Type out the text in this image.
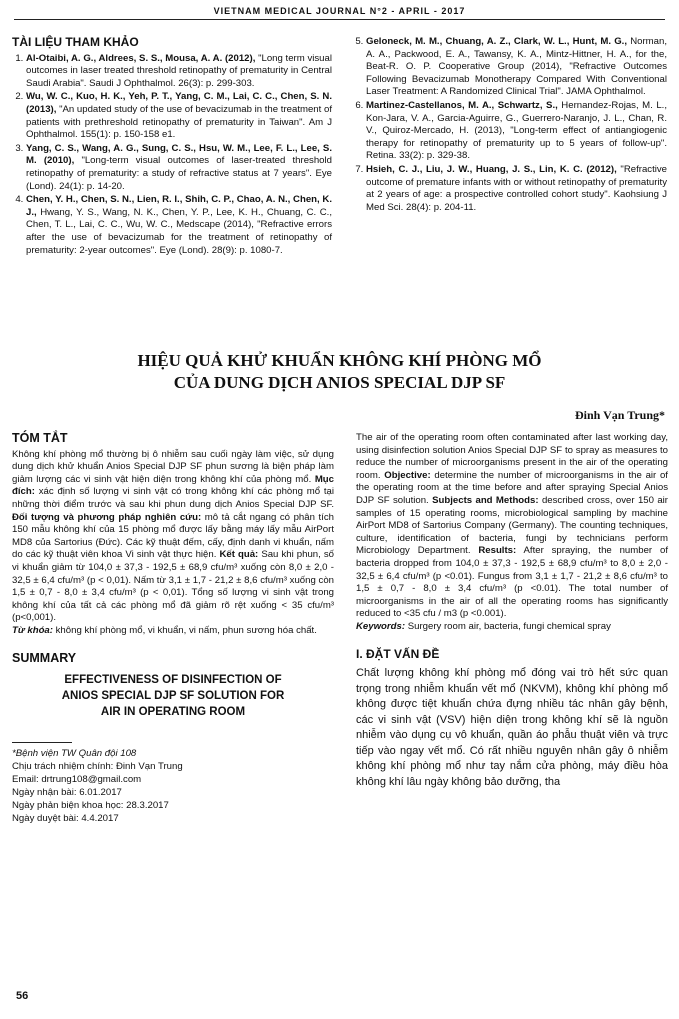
VIETNAM MEDICAL JOURNAL N°2 - APRIL - 2017
TÀI LIỆU THAM KHẢO
1. Al-Otaibi, A. G., Aldrees, S. S., Mousa, A. A. (2012), "Long term visual outcomes in laser treated threshold retinopathy of prematurity in Central Saudi Arabia". Saudi J Ophthalmol. 26(3): p. 299-303.
2. Wu, W. C., Kuo, H. K., Yeh, P. T., Yang, C. M., Lai, C. C., Chen, S. N. (2013), "An updated study of the use of bevacizumab in the treatment of patients with prethreshold retinopathy of prematurity in Taiwan". Am J Ophthalmol. 155(1): p. 150-158 e1.
3. Yang, C. S., Wang, A. G., Sung, C. S., Hsu, W. M., Lee, F. L., Lee, S. M. (2010), "Long-term visual outcomes of laser-treated threshold retinopathy of prematurity: a study of refractive status at 7 years". Eye (Lond). 24(1): p. 14-20.
4. Chen, Y. H., Chen, S. N., Lien, R. I., Shih, C. P., Chao, A. N., Chen, K. J., Hwang, Y. S., Wang, N. K., Chen, Y. P., Lee, K. H., Chuang, C. C., Chen, T. L., Lai, C. C., Wu, W. C., Medscape (2014), "Refractive errors after the use of bevacizumab for the treatment of retinopathy of prematurity: 2-year outcomes". Eye (Lond). 28(9): p. 1080-7.
5. Geloneck, M. M., Chuang, A. Z., Clark, W. L., Hunt, M. G., Norman, A. A., Packwood, E. A., Tawansy, K. A., Mintz-Hittner, H. A., for the, Beat-R. O. P. Cooperative Group (2014), "Refractive Outcomes Following Bevacizumab Monotherapy Compared With Conventional Laser Treatment: A Randomized Clinical Trial". JAMA Ophthalmol.
6. Martinez-Castellanos, M. A., Schwartz, S., Hernandez-Rojas, M. L., Kon-Jara, V. A., Garcia-Aguirre, G., Guerrero-Naranjo, J. L., Chan, R. V., Quiroz-Mercado, H. (2013), "Long-term effect of antiangiogenic therapy for retinopathy of prematurity up to 5 years of follow-up". Retina. 33(2): p. 329-38.
7. Hsieh, C. J., Liu, J. W., Huang, J. S., Lin, K. C. (2012), "Refractive outcome of premature infants with or without retinopathy of prematurity at 2 years of age: a prospective controlled cohort study". Kaohsiung J Med Sci. 28(4): p. 204-11.
HIỆU QUẢ KHỬ KHUẨN KHÔNG KHÍ PHÒNG MỔ
CỦA DUNG DỊCH ANIOS SPECIAL DJP SF
Đinh Vạn Trung*
TÓM TẮT

Không khí phòng mổ thường bị ô nhiễm sau cuối ngày làm việc, sử dụng dung dịch khử khuẩn Anios Special DJP SF phun sương là biện pháp làm giảm lượng các vi sinh vật hiện diện trong không khí của phòng mổ. Mục đích: xác định số lượng vi sinh vật có trong không khí các phòng mổ tại những thời điểm trước và sau khi phun dung dịch Anios Special DJP SF. Đối tượng và phương pháp nghiên cứu: mô tả cắt ngang có phân tích 150 mẫu không khí của 15 phòng mổ được lấy bằng máy lấy mẫu AirPort MD8 của Sartorius (Đức). Các kỹ thuật đếm, cấy, định danh vi khuẩn, nấm do các kỹ thuật viên khoa Vi sinh vật thực hiện. Kết quả: Sau khi phun, số vi khuẩn giảm từ 104,0 ± 37,3 - 192,5 ± 68,9 cfu/m³ xuống còn 8,0 ± 2,0 - 32,5 ± 6,4 cfu/m³ (p < 0,01). Nấm từ 3,1 ± 1,7 - 21,2 ± 8,6 cfu/m³ xuống còn 1,5 ± 0,7 - 8,0 ± 3,4 cfu/m³ (p < 0,01). Tổng số lượng vi sinh vật trong không khí của tất cả các phòng mổ đã giảm rõ rệt xuống < 35 cfu/m³ (p<0,001).

Từ khóa: không khí phòng mổ, vi khuẩn, vi nấm, phun sương hóa chất.

SUMMARY
EFFECTIVENESS OF DISINFECTION OF
ANIOS SPECIAL DJP SF SOLUTION FOR
AIR IN OPERATING ROOM
*Bệnh viện TW Quân đội 108
Chịu trách nhiệm chính: Đinh Vạn Trung
Email: drtrung108@gmail.com
Ngày nhận bài: 6.01.2017
Ngày phản biện khoa học: 28.3.2017
Ngày duyệt bài: 4.4.2017

The air of the operating room often contaminated after last working day, using disinfection solution Anios Special DJP SF to spray as measures to reduce the number of microorganisms present in the air of the operating room. Objective: determine the number of microorganisms in the air of the operating room at the time before and after spraying Special Anios DJP SF solution. Subjects and Methods: described cross, over 150 air samples of 15 operating rooms, microbiological sampling by machine AirPort MD8 of Sartorius Company (Germany). The counting techniques, culture, identification of bacteria, fungi by technicians perform Microbiology Department. Results: After spraying, the number of bacteria dropped from 104,0 ± 37,3 - 192,5 ± 68,9 cfu/m³ to 8,0 ± 2,0 - 32,5 ± 6,4 cfu/m³ (p <0.01). Fungus from 3,1 ± 1,7 - 21,2 ± 8,6 cfu/m³ to 1,5 ± 0,7 - 8,0 ± 3,4 cfu/m³ (p <0.01). The total number of microorganisms in the air of all the operating rooms has significantly reduced to <35 cfu / m3 (p <0.001).

Keywords: Surgery room air, bacteria, fungi chemical spray

I. ĐẶT VẤN ĐỀ

Chất lượng không khí phòng mổ đóng vai trò hết sức quan trọng trong nhiễm khuẩn vết mổ (NKVM), không khí phòng mổ không được tiệt khuẩn chứa đựng nhiều tác nhân gây bệnh, các vi sinh vật (VSV) hiện diện trong không khí sẽ là nguồn nhiễm vào dụng cụ vô khuẩn, quần áo phẫu thuật viên và trực tiếp vào ngay vết mổ. Có rất nhiều nguyên nhân gây ô nhiễm không khí phòng mổ như tay nắm cửa phòng, máy điều hòa không khí lâu ngày không bảo dưỡng, tha

56
